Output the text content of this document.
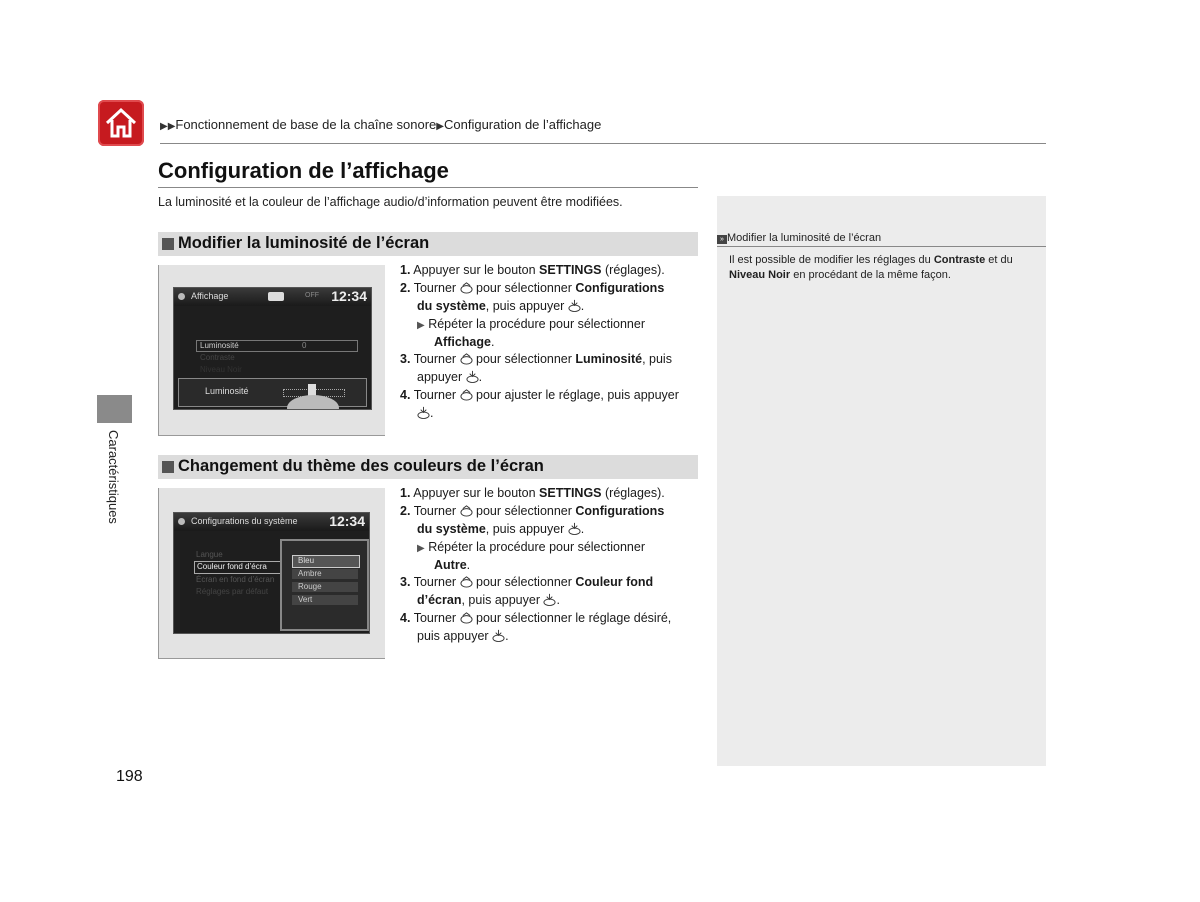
▶▶Fonctionnement de base de la chaîne sonore▶Configuration de l’affichage
Configuration de l’affichage
La luminosité et la couleur de l’affichage audio/d’information peuvent être modifiées.
Caractéristiques
Modifier la luminosité de l’écran
Affichage	OFF 12:34
Luminosité	0
Contraste
Niveau Noir
Luminosité
1. Appuyer sur le bouton SETTINGS (réglages).
2. Tourner  pour sélectionner Configurations
du système, puis appuyer .
▶ Répéter la procédure pour sélectionner
Affichage.
3. Tourner  pour sélectionner Luminosité, puis
appuyer .
4. Tourner  pour ajuster le réglage, puis appuyer
.
Changement du thème des couleurs de l’écran
Configurations du système 12:34
Langue
Couleur fond d’écra
Écran en fond d’écran
Réglages par défaut
Bleu
Ambre
Rouge
Vert
1. Appuyer sur le bouton SETTINGS (réglages).
2. Tourner  pour sélectionner Configurations
du système, puis appuyer .
▶ Répéter la procédure pour sélectionner
Autre.
3. Tourner  pour sélectionner Couleur fond
d’écran, puis appuyer .
4. Tourner  pour sélectionner le réglage désiré,
puis appuyer .
» Modifier la luminosité de l’écran
Il est possible de modifier les réglages du Contraste et du Niveau Noir en procédant de la même façon.
198
